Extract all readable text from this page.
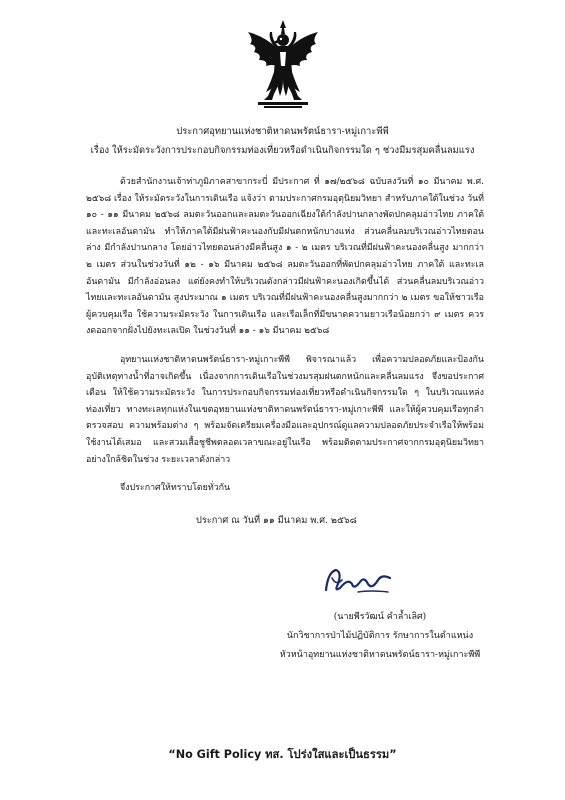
ประกาศอุทยานแห่งชาติหาดนพรัตน์ธารา-หมู่เกาะพีพี
เรื่อง ให้ระมัดระวังการประกอบกิจกรรมท่องเที่ยวหรือดำเนินกิจกรรมใด ๆ ช่วงมีมรสุมคลื่นลมแรง

ด้วยสำนักงานเจ้าท่าภูมิภาคสาขากระบี่ มีประกาศ ที่ ๑๗/๒๕๖๘ ฉบับลงวันที่ ๑๐ มีนาคม พ.ศ. ๒๕๖๘ เรื่อง ให้ระมัดระวังในการเดินเรือ แจ้งว่า ตามประกาศกรมอุตุนิยมวิทยา สำหรับภาคใต้ในช่วง วันที่ ๑๐ - ๑๑ มีนาคม ๒๕๖๘ ลมตะวันออกและลมตะวันออกเฉียงใต้กำลังปานกลางพัดปกคลุมอ่าวไทย ภาคใต้ และทะเลอันดามัน ทำให้ภาคใต้มีฝนฟ้าคะนองกับมีฝนตกหนักบางแห่ง ส่วนคลื่นลมบริเวณอ่าวไทยตอนล่าง มีกำลังปานกลาง โดยอ่าวไทยตอนล่างมีคลื่นสูง ๑ - ๒ เมตร บริเวณที่มีฝนฟ้าคะนองคลื่นสูง มากกว่า ๒ เมตร ส่วนในช่วงวันที่ ๑๒ - ๑๖ มีนาคม ๒๕๖๘ ลมตะวันออกที่พัดปกคลุมอ่าวไทย ภาคใต้ และทะเลอันดามัน มีกำลังอ่อนลง แต่ยังคงทำให้บริเวณดังกล่าวมีฝนฟ้าคะนองเกิดขึ้นได้ ส่วนคลื่นลมบริเวณอ่าวไทยและทะเลอันดามัน สูงประมาณ ๑ เมตร บริเวณที่มีฝนฟ้าคะนองคลื่นสูงมากกว่า ๒ เมตร ขอให้ชาวเรือ ผู้ควบคุมเรือ ใช้ความระมัดระวัง ในการเดินเรือ และเรือเล็กที่มีขนาดความยาวเรือน้อยกว่า ๙ เมตร ควรงดออกจากฝั่งไปยังทะเลเปิด ในช่วงวันที่ ๑๑ - ๑๖ มีนาคม ๒๕๖๘

อุทยานแห่งชาติหาดนพรัตน์ธารา-หมู่เกาะพีพี พิจารณาแล้ว เพื่อความปลอดภัยและป้องกัน อุบัติเหตุทางน้ำที่อาจเกิดขึ้น เนื่องจากการเดินเรือในช่วงมรสุมฝนตกหนักและคลื่นลมแรง จึงขอประกาศเตือน ให้ใช้ความระมัดระวัง ในการประกอบกิจกรรมท่องเที่ยวหรือดำเนินกิจกรรมใด ๆ ในบริเวณแหล่งท่องเที่ยว ทางทะเลทุกแห่งในเขตอุทยานแห่งชาติหาดนพรัตน์ธารา-หมู่เกาะพีพี และให้ผู้ควบคุมเรือทุกลำตรวจสอบ ความพร้อมต่าง ๆ พร้อมจัดเตรียมเครื่องมือและอุปกรณ์ดูแลความปลอดภัยประจำเรือให้พร้อมใช้งานได้เสมอ และสวมเสื้อชูชีพตลอดเวลาขณะอยู่ในเรือ พร้อมติดตามประกาศจากกรมอุตุนิยมวิทยาอย่างใกล้ชิดในช่วง ระยะเวลาดังกล่าว

จึงประกาศให้ทราบโดยทั่วกัน

ประกาศ ณ วันที่ ๑๑ มีนาคม พ.ศ. ๒๕๖๘
(นายพีรวัฒน์ คำล้ำเลิศ)
นักวิชาการป่าไม้ปฏิบัติการ รักษาการในตำแหน่ง
หัวหน้าอุทยานแห่งชาติหาดนพรัตน์ธารา-หมู่เกาะพีพี
“No Gift Policy ทส. โปร่งใสและเป็นธรรม”
